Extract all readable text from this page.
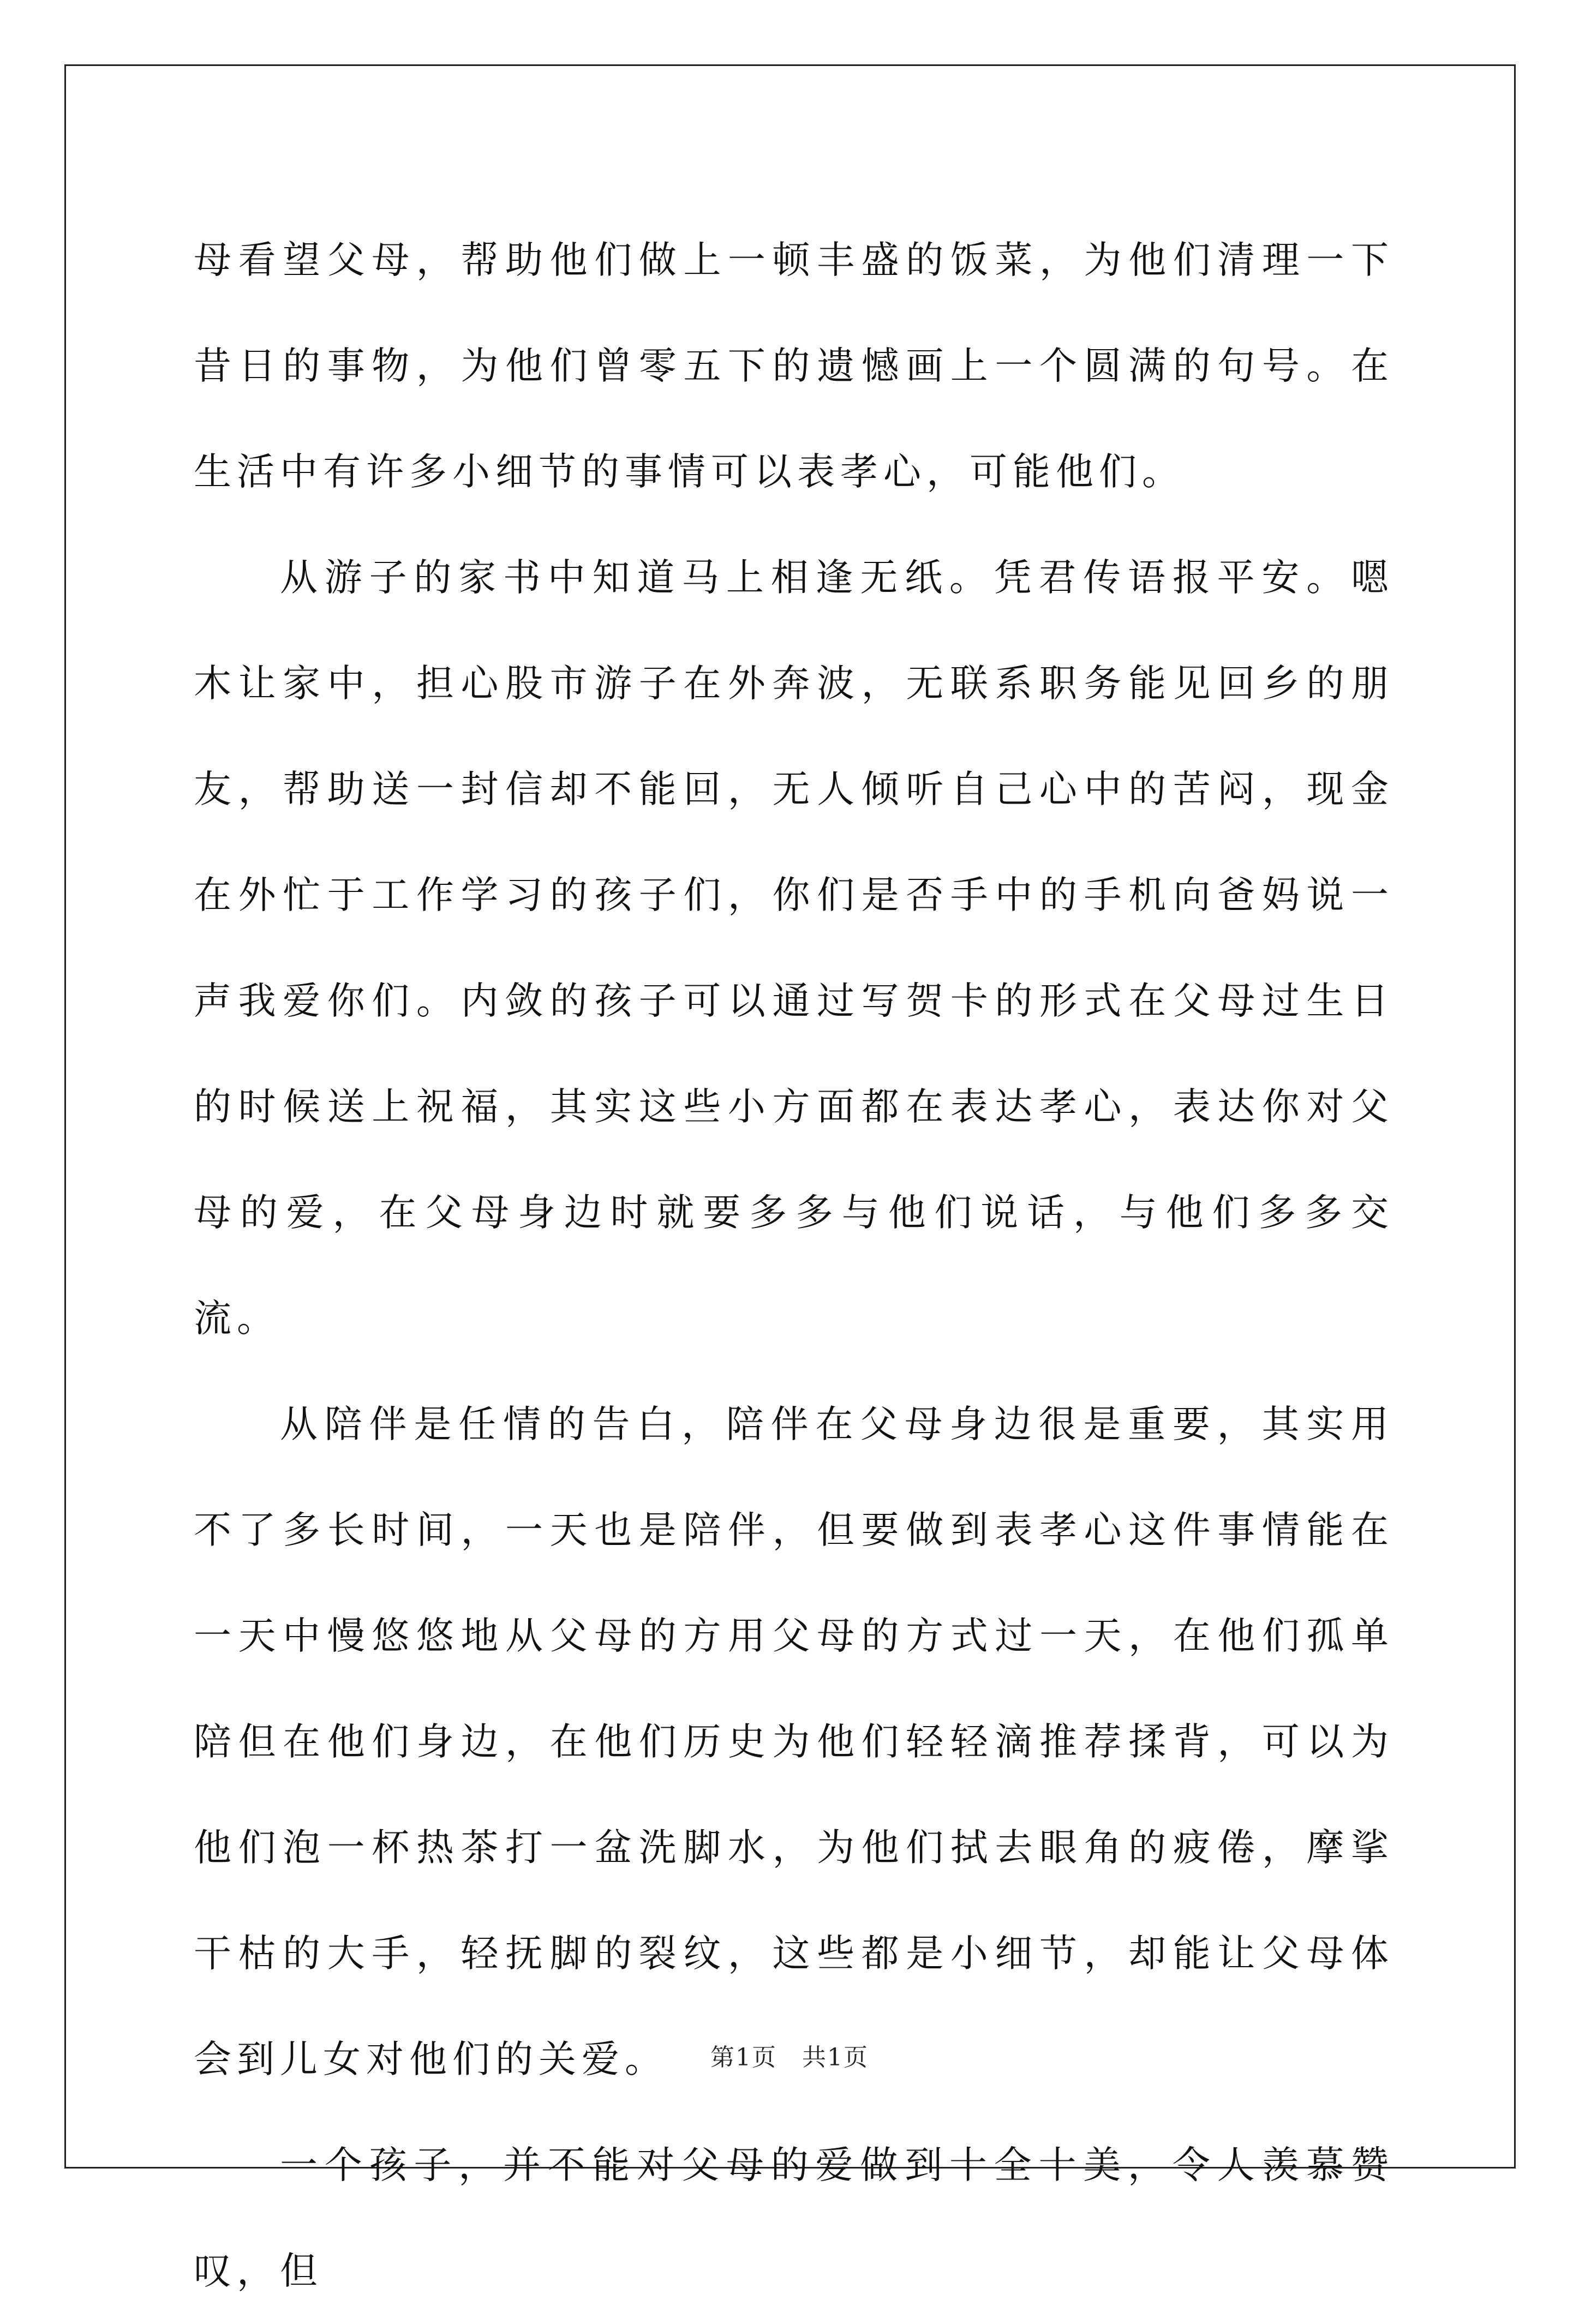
母看望父母，帮助他们做上一顿丰盛的饭菜，为他们清理一下昔日的事物，为他们曾零五下的遗憾画上一个圆满的句号。在生活中有许多小细节的事情可以表孝心，可能他们。

从游子的家书中知道马上相逢无纸。凭君传语报平安。嗯木让家中，担心股市游子在外奔波，无联系职务能见回乡的朋友，帮助送一封信却不能回，无人倾听自己心中的苦闷，现金在外忙于工作学习的孩子们，你们是否手中的手机向爸妈说一声我爱你们。内敛的孩子可以通过写贺卡的形式在父母过生日的时候送上祝福，其实这些小方面都在表达孝心，表达你对父母的爱，在父母身边时就要多多与他们说话，与他们多多交流。

从陪伴是任情的告白，陪伴在父母身边很是重要，其实用不了多长时间，一天也是陪伴，但要做到表孝心这件事情能在一天中慢悠悠地从父母的方用父母的方式过一天，在他们孤单陪但在他们身边，在他们历史为他们轻轻滴推荐揉背，可以为他们泡一杯热茶打一盆洗脚水，为他们拭去眼角的疲倦，摩挲干枯的大手，轻抚脚的裂纹，这些都是小细节，却能让父母体会到儿女对他们的关爱。

一个孩子，并不能对父母的爱做到十全十美，令人羡慕赞叹，但

第1页　共1页
